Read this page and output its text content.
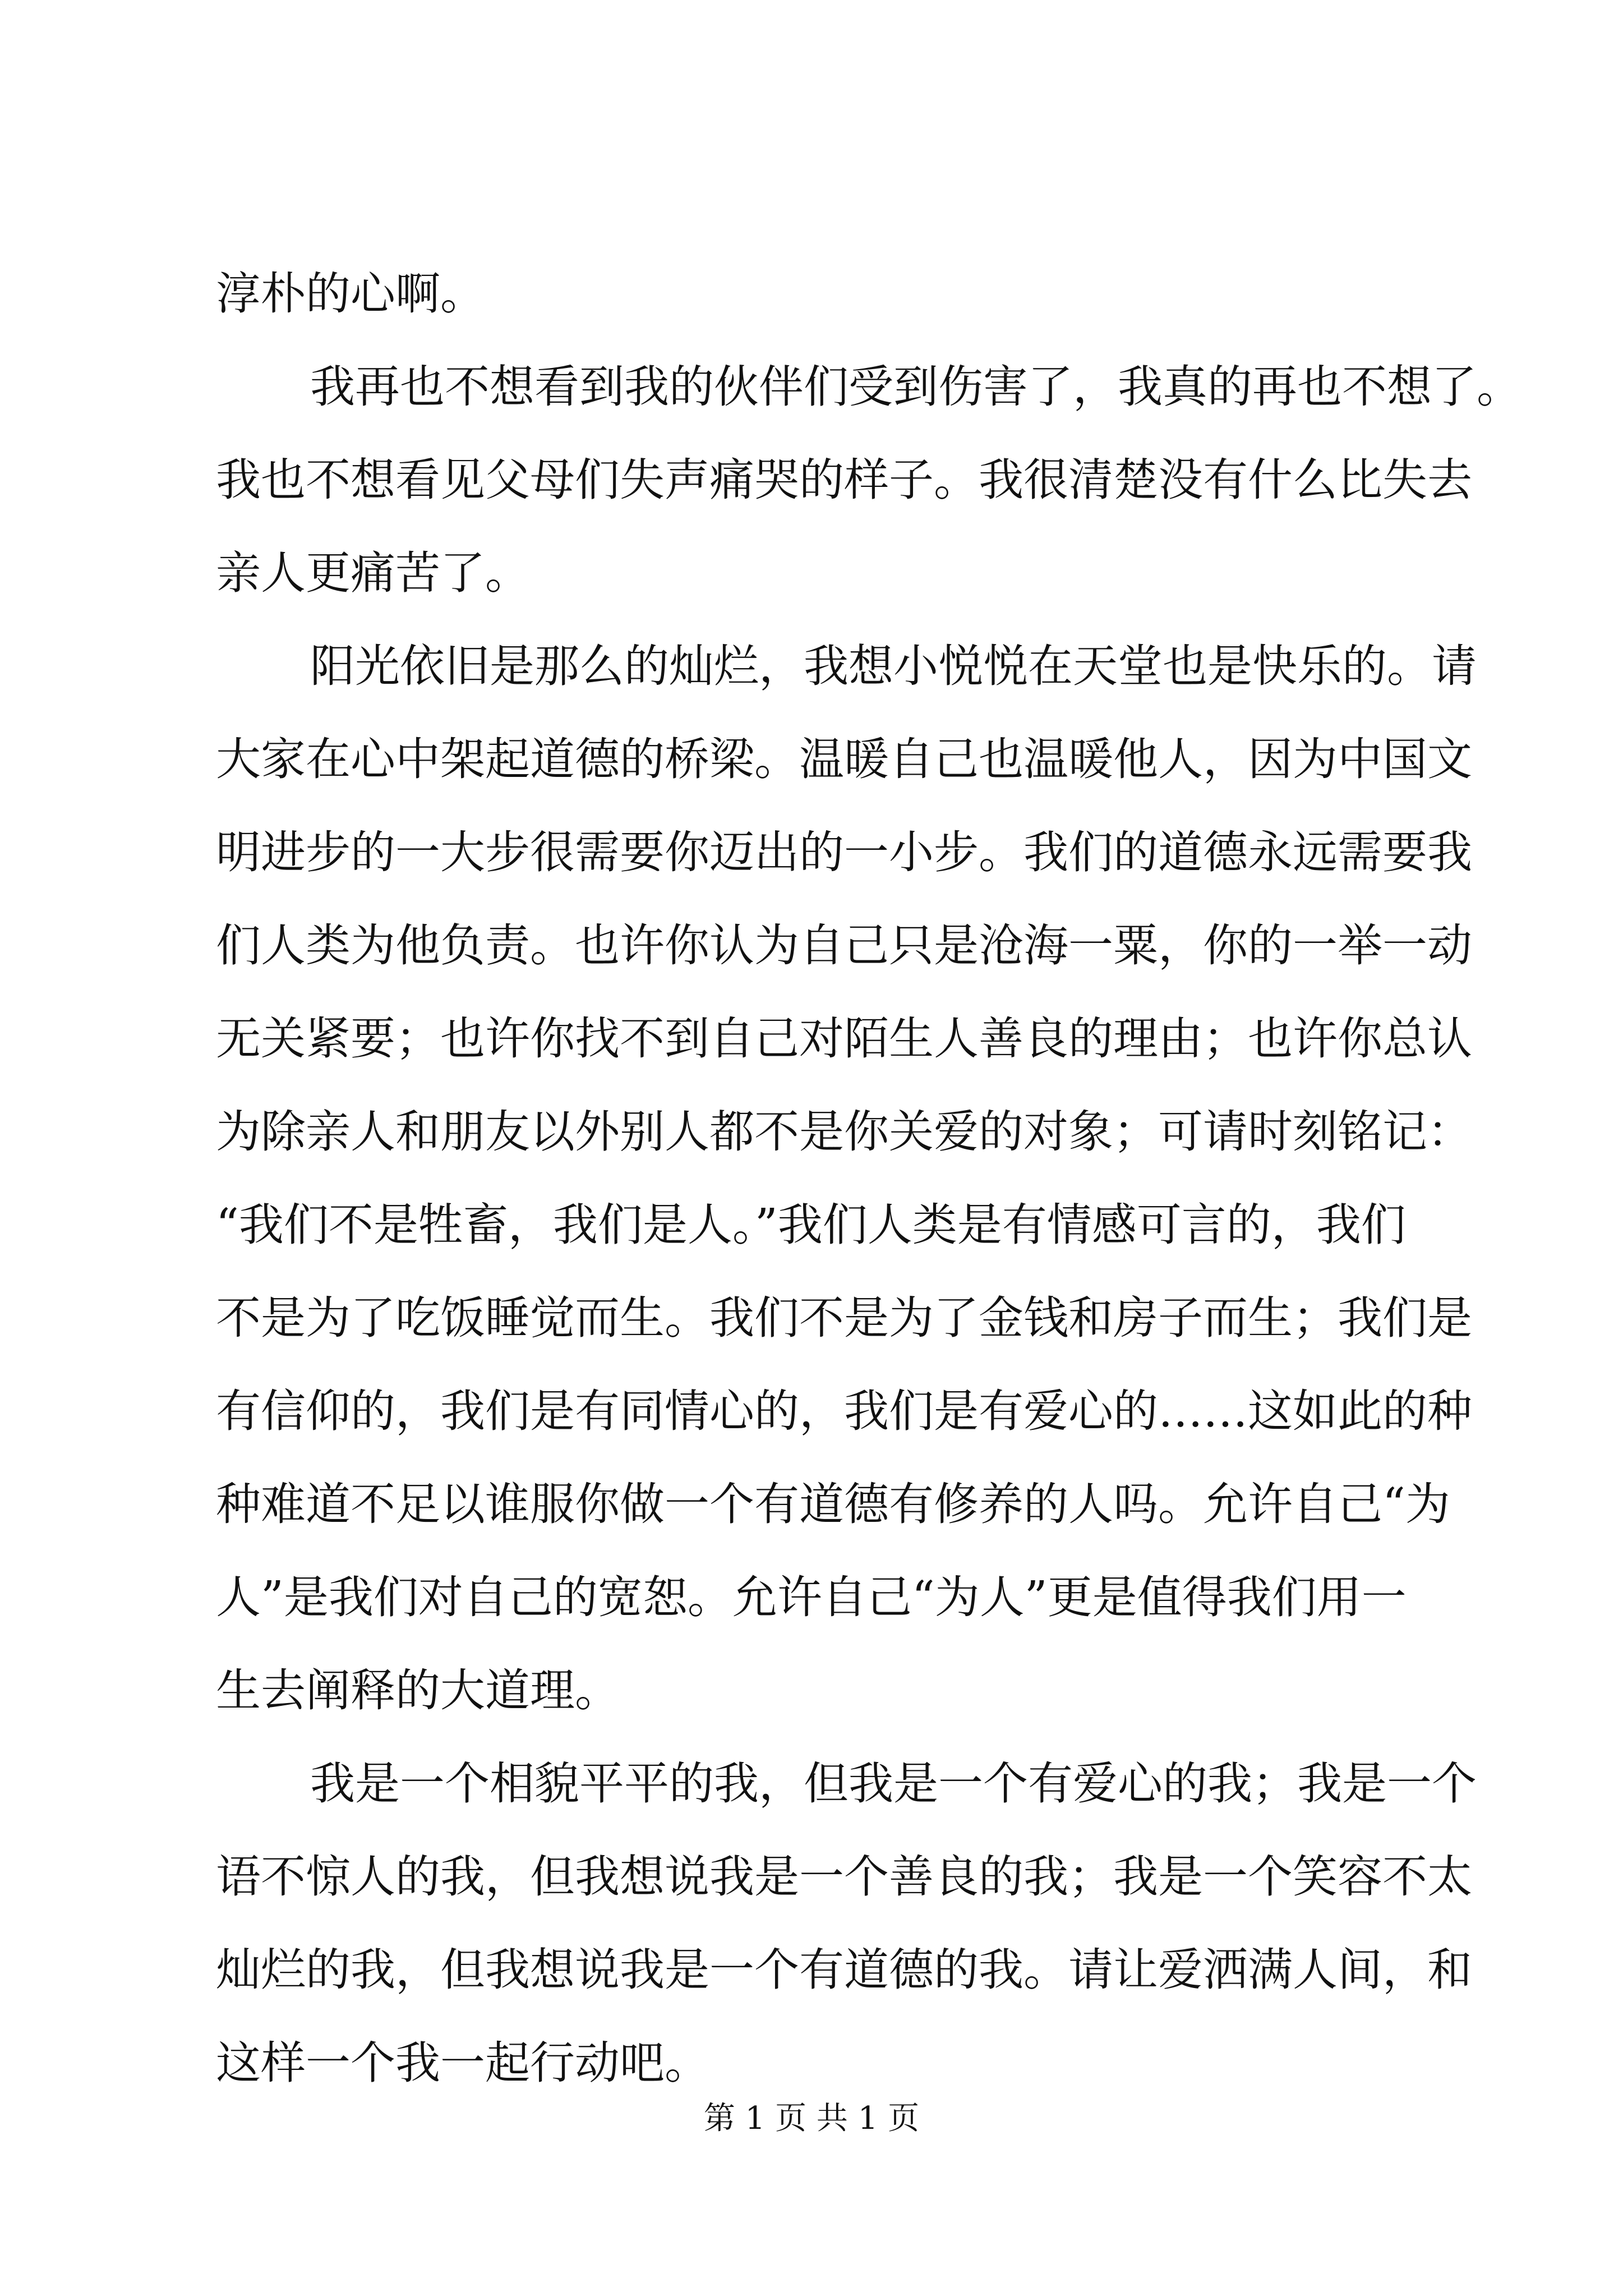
淳朴的心啊。
我再也不想看到我的伙伴们受到伤害了，我真的再也不想了。
我也不想看见父母们失声痛哭的样子。我很清楚没有什么比失去
亲人更痛苦了。
阳光依旧是那么的灿烂，我想小悦悦在天堂也是快乐的。请
大家在心中架起道德的桥梁。温暖自己也温暖他人，因为中国文
明进步的一大步很需要你迈出的一小步。我们的道德永远需要我
们人类为他负责。也许你认为自己只是沧海一粟，你的一举一动
无关紧要；也许你找不到自己对陌生人善良的理由；也许你总认
为除亲人和朋友以外别人都不是你关爱的对象；可请时刻铭记：
“我们不是牲畜，我们是人。”我们人类是有情感可言的，我们
不是为了吃饭睡觉而生。我们不是为了金钱和房子而生；我们是
有信仰的，我们是有同情心的，我们是有爱心的……这如此的种
种难道不足以谁服你做一个有道德有修养的人吗。允许自己“为
人”是我们对自己的宽恕。允许自己“为人”更是值得我们用一
生去阐释的大道理。
我是一个相貌平平的我，但我是一个有爱心的我；我是一个
语不惊人的我，但我想说我是一个善良的我；我是一个笑容不太
灿烂的我，但我想说我是一个有道德的我。请让爱洒满人间，和
这样一个我一起行动吧。
第 1 页 共 1 页
